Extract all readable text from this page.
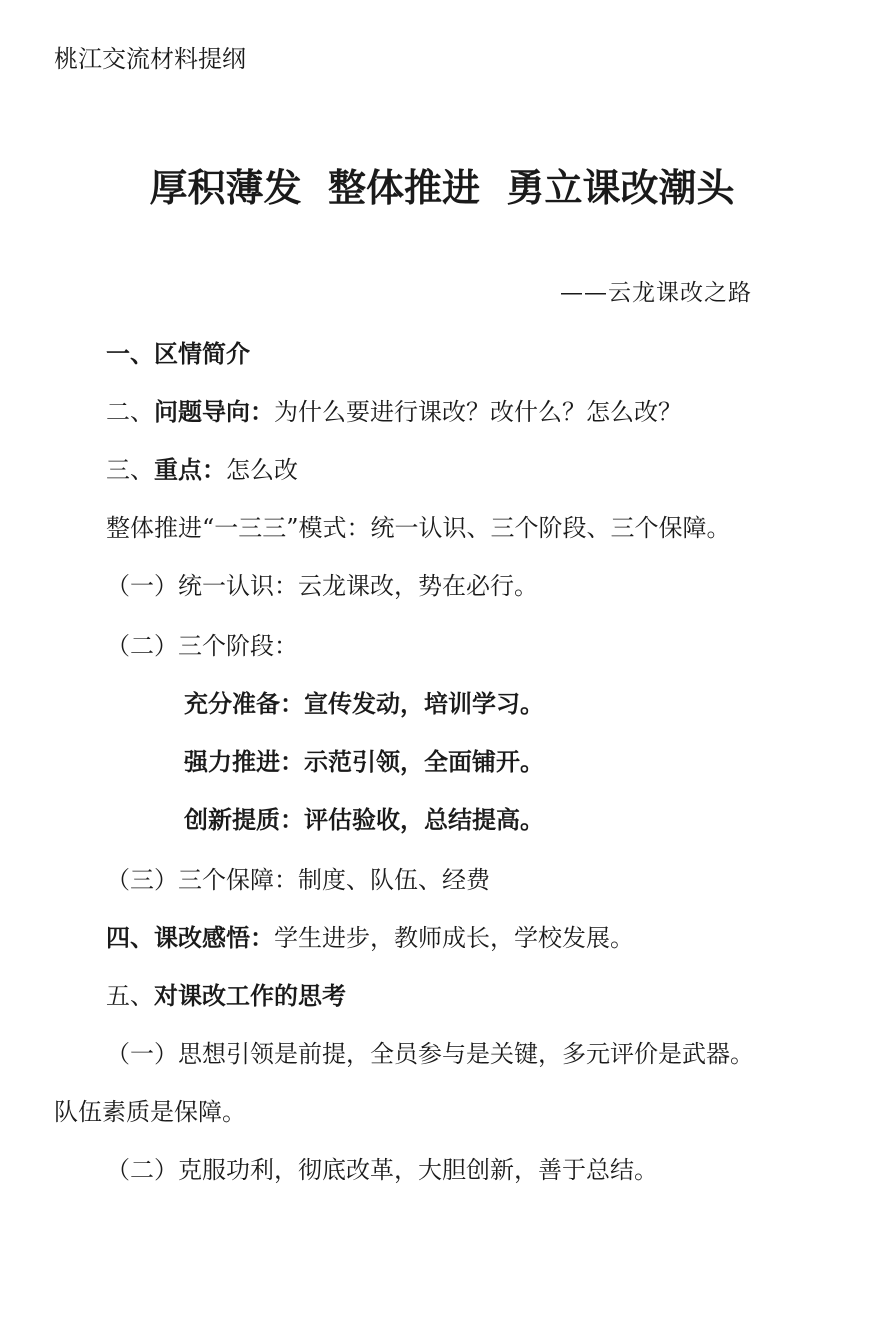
桃江交流材料提纲
厚积薄发  整体推进  勇立课改潮头
——云龙课改之路
一、区情简介
二、问题导向：为什么要进行课改？改什么？怎么改？
三、重点：怎么改
整体推进“一三三”模式：统一认识、三个阶段、三个保障。
（一）统一认识：云龙课改，势在必行。
（二）三个阶段：
充分准备：宣传发动，培训学习。
强力推进：示范引领，全面铺开。
创新提质：评估验收，总结提高。
（三）三个保障：制度、队伍、经费
四、课改感悟：学生进步，教师成长，学校发展。
五、对课改工作的思考
（一）思想引领是前提，全员参与是关键，多元评价是武器。
队伍素质是保障。
（二）克服功利，彻底改革，大胆创新，善于总结。
